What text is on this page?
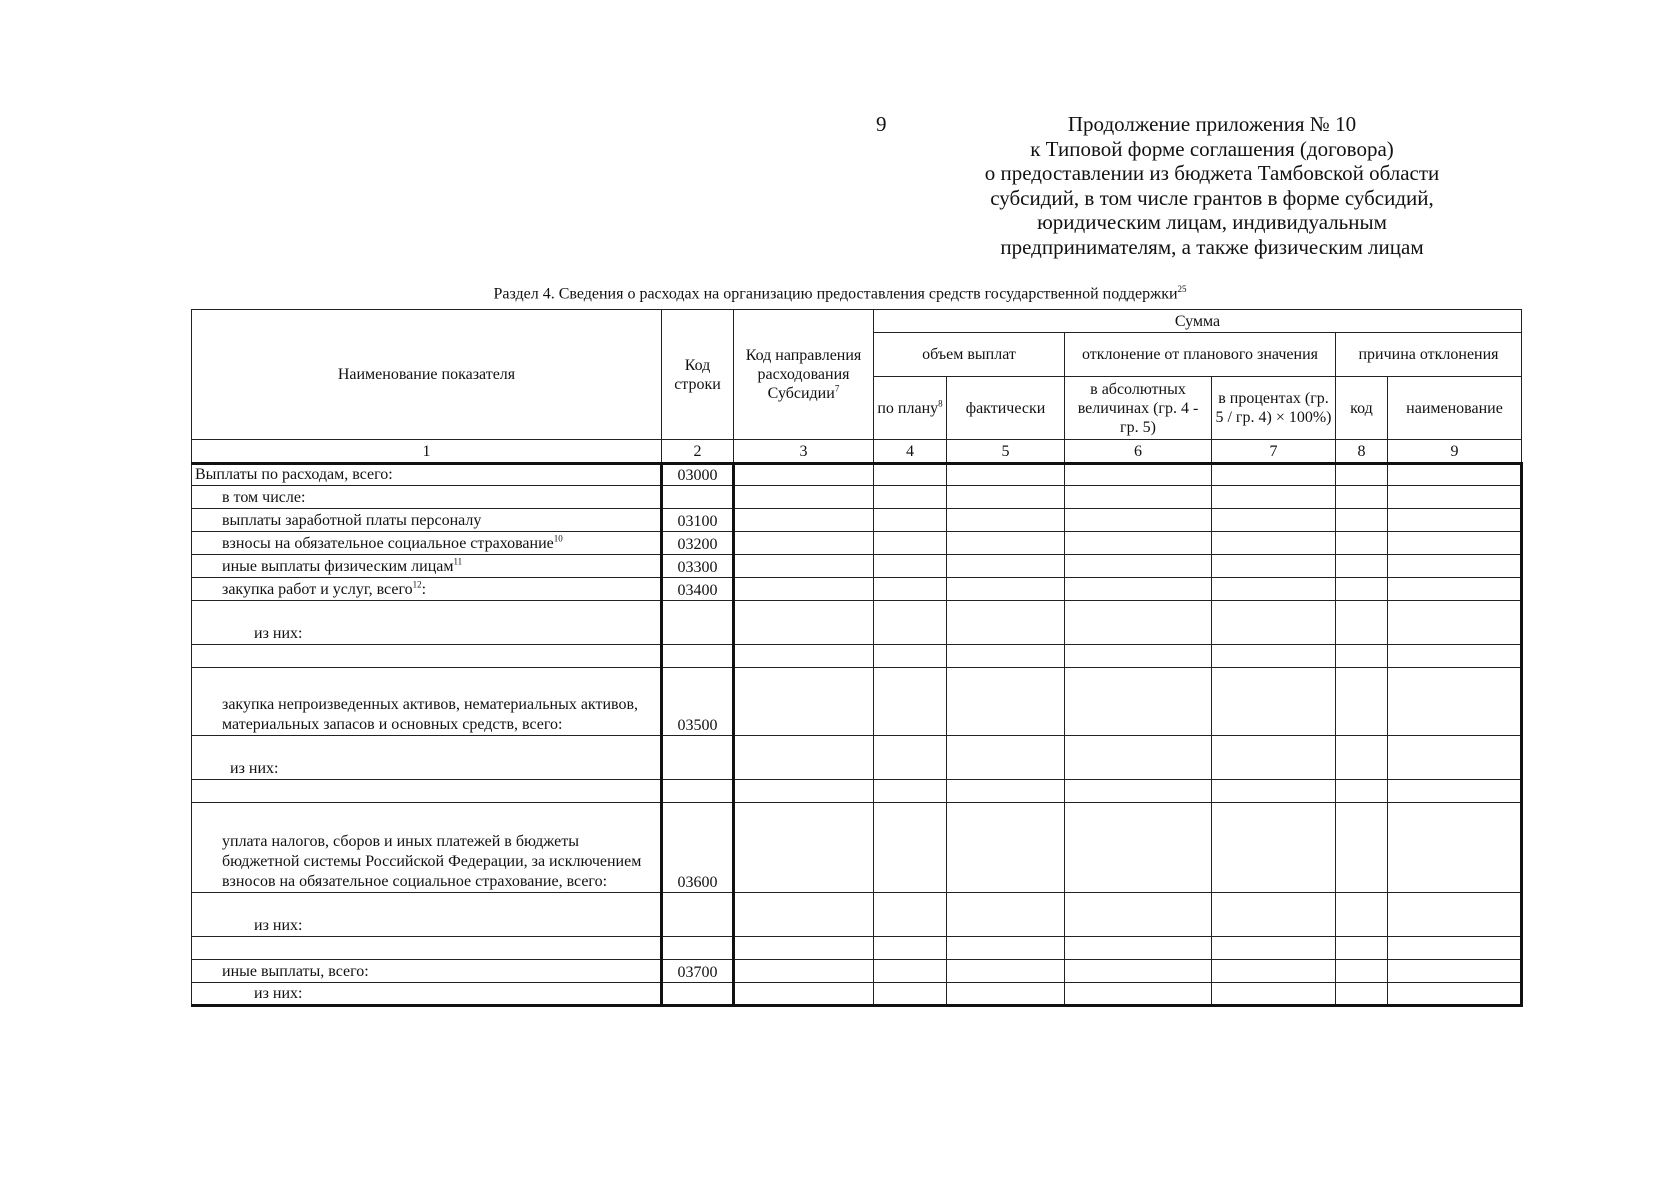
9	Продолжение приложения № 10
к Типовой форме соглашения (договора)
о предоставлении из бюджета Тамбовской области
субсидий, в том числе грантов в форме субсидий,
юридическим лицам, индивидуальным
предпринимателям, а также физическим лицам
Раздел 4. Сведения о расходах на организацию предоставления средств государственной поддержки$^{25}$
Наименование показателя	Код строки	Код направления расходования Субсидии$^7$	Сумма					
			объем выплат		отклонение от планового значения		причина отклонения	
			по плану$^8$	фактически	в абсолютных величинах (гр. 4 - гр. 5)	в процентах (гр. 5 / гр. 4) × 100%)	код	наименование
1	2	3	4	5	6	7	8	9
Выплаты по расходам, всего:	03000							
в том числе:								
выплаты заработной платы персоналу	03100							
взносы на обязательное социальное страхование$^{10}$	03200							
иные выплаты физическим лицам$^{11}$	03300							
закупка работ и услуг, всего$^{12}$:	03400							
из них:								

закупка непроизведенных активов, нематериальных активов, материальных запасов и основных средств, всего:	03500							
из них:								

уплата налогов, сборов и иных платежей в бюджеты бюджетной системы Российской Федерации, за исключением взносов на обязательное социальное страхование, всего:	03600							
из них:								

иные выплаты, всего:	03700							
из них:								
